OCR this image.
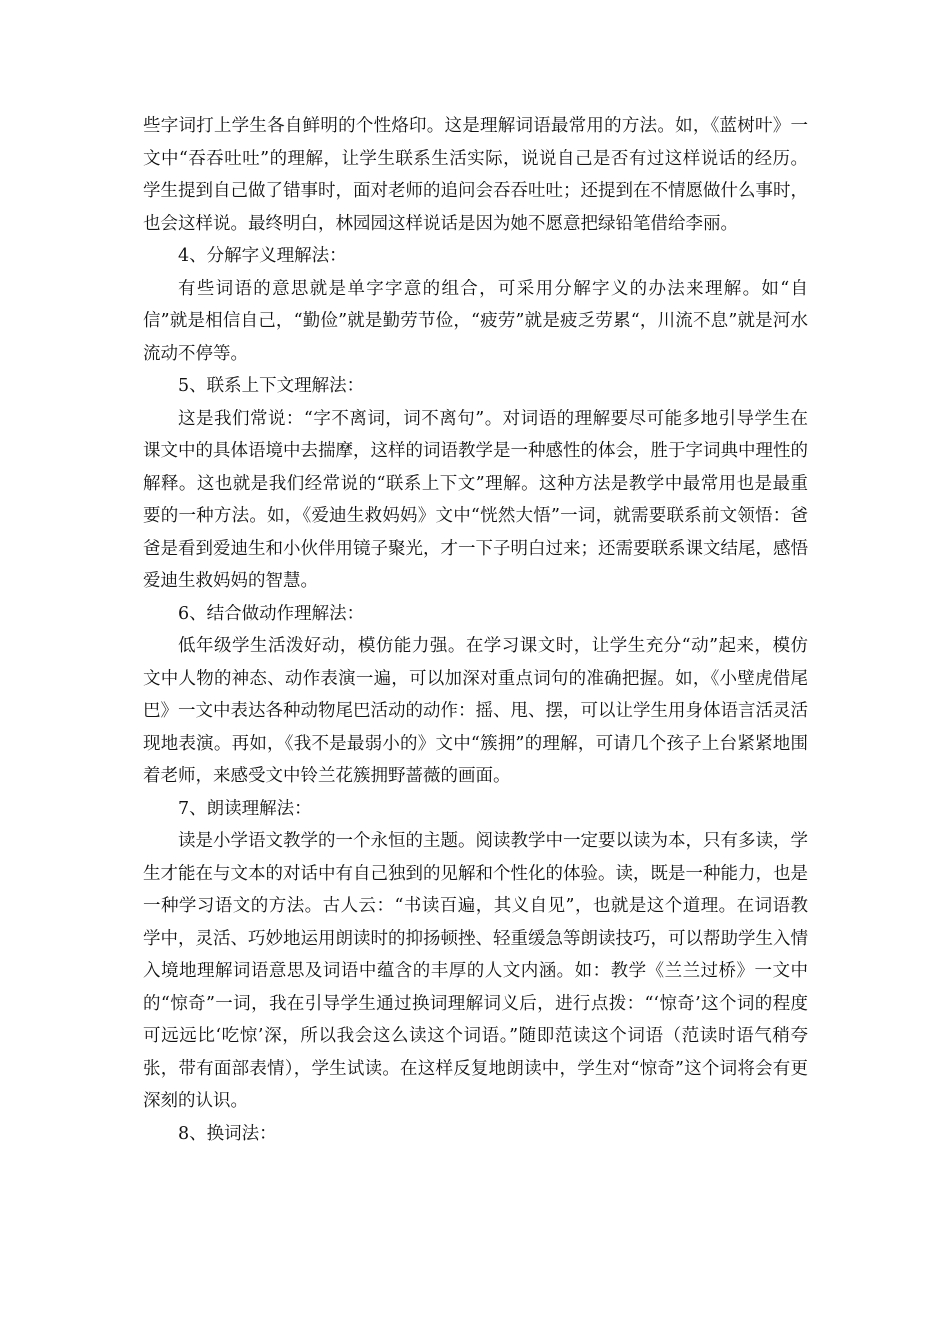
些字词打上学生各自鲜明的个性烙印。这是理解词语最常用的方法。如，《蓝树叶》一文中“吞吞吐吐”的理解，让学生联系生活实际，说说自己是否有过这样说话的经历。学生提到自己做了错事时，面对老师的追问会吞吞吐吐；还提到在不情愿做什么事时，也会这样说。最终明白，林园园这样说话是因为她不愿意把绿铅笔借给李丽。

4、分解字义理解法：

有些词语的意思就是单字字意的组合，可采用分解字义的办法来理解。如“自信”就是相信自己，“勤俭”就是勤劳节俭，“疲劳”就是疲乏劳累“，川流不息”就是河水流动不停等。

5、联系上下文理解法：

这是我们常说：“字不离词，词不离句”。对词语的理解要尽可能多地引导学生在课文中的具体语境中去揣摩，这样的词语教学是一种感性的体会，胜于字词典中理性的解释。这也就是我们经常说的“联系上下文”理解。这种方法是教学中最常用也是最重要的一种方法。如，《爱迪生救妈妈》文中“恍然大悟”一词，就需要联系前文领悟：爸爸是看到爱迪生和小伙伴用镜子聚光，才一下子明白过来；还需要联系课文结尾，感悟爱迪生救妈妈的智慧。

6、结合做动作理解法：

低年级学生活泼好动，模仿能力强。在学习课文时，让学生充分“动”起来，模仿文中人物的神态、动作表演一遍，可以加深对重点词句的准确把握。如，《小壁虎借尾巴》一文中表达各种动物尾巴活动的动作：摇、甩、摆，可以让学生用身体语言活灵活现地表演。再如，《我不是最弱小的》文中“簇拥”的理解，可请几个孩子上台紧紧地围着老师，来感受文中铃兰花簇拥野蔷薇的画面。

7、朗读理解法：

读是小学语文教学的一个永恒的主题。阅读教学中一定要以读为本，只有多读，学生才能在与文本的对话中有自己独到的见解和个性化的体验。读，既是一种能力，也是一种学习语文的方法。古人云：“书读百遍，其义自见”，也就是这个道理。在词语教学中，灵活、巧妙地运用朗读时的抑扬顿挫、轻重缓急等朗读技巧，可以帮助学生入情入境地理解词语意思及词语中蕴含的丰厚的人文内涵。如：教学《兰兰过桥》一文中的“惊奇”一词，我在引导学生通过换词理解词义后，进行点拨：“‘惊奇’这个词的程度可远远比‘吃惊’深，所以我会这么读这个词语。”随即范读这个词语（范读时语气稍夸张，带有面部表情），学生试读。在这样反复地朗读中，学生对“惊奇”这个词将会有更深刻的认识。

8、换词法：
